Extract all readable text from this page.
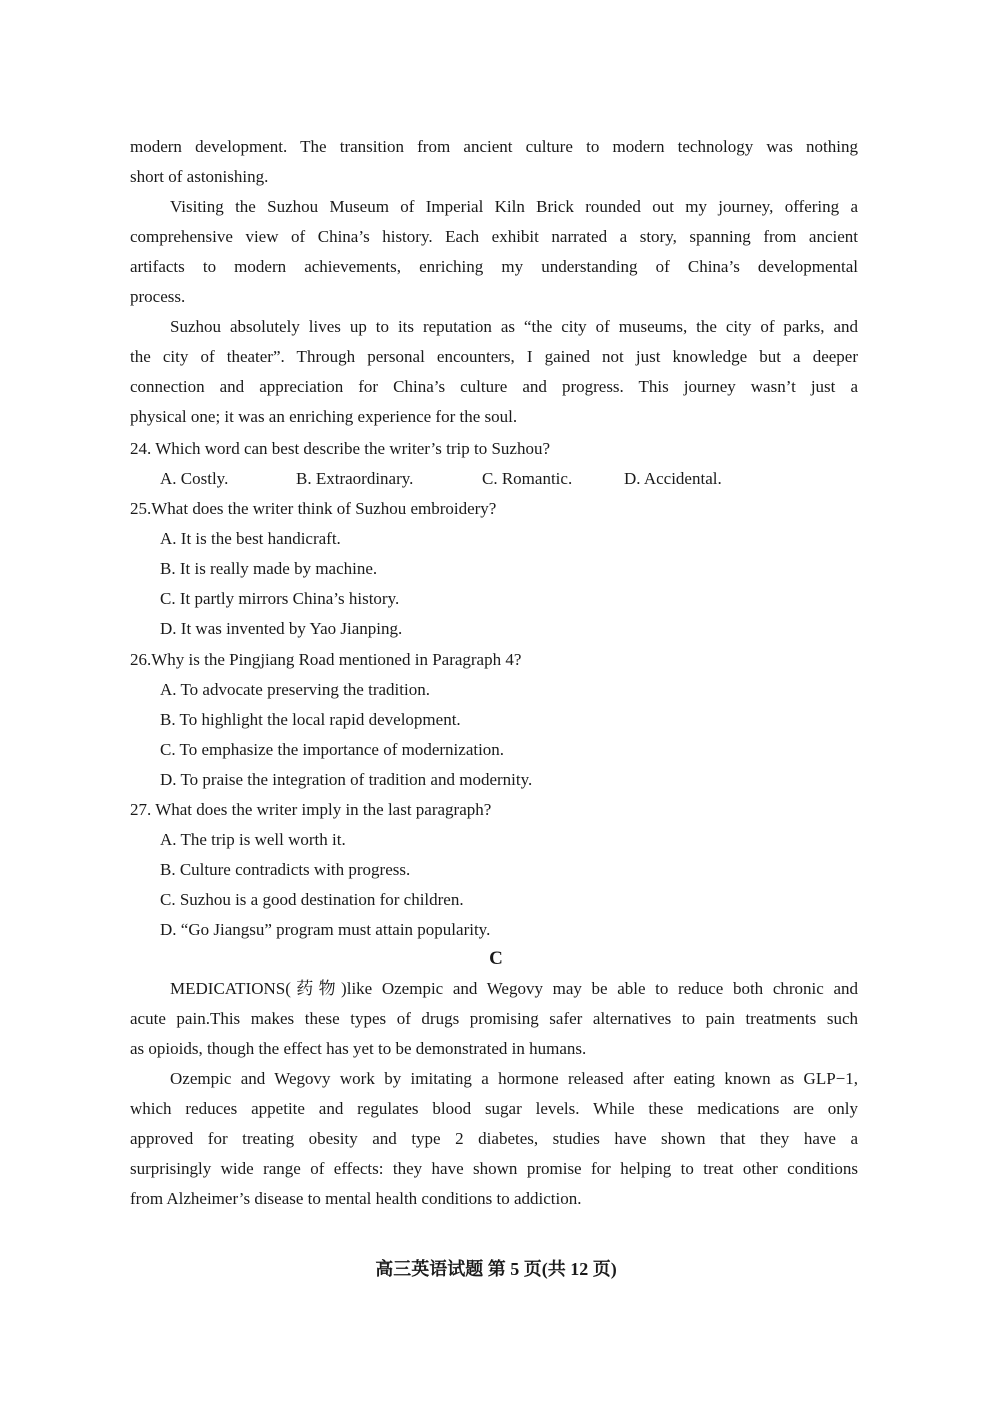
modern development. The transition from ancient culture to modern technology was nothing
short of astonishing.
Visiting the Suzhou Museum of Imperial Kiln Brick rounded out my journey, offering a
comprehensive view of China’s history. Each exhibit narrated a story, spanning from ancient
artifacts to modern achievements, enriching my understanding of China’s developmental
process.
Suzhou absolutely lives up to its reputation as “the city of museums, the city of parks, and
the city of theater”. Through personal encounters, I gained not just knowledge but a deeper
connection and appreciation for China’s culture and progress. This journey wasn’t just a
physical one; it was an enriching experience for the soul.
24. Which word can best describe the writer’s trip to Suzhou?
A. Costly.	B. Extraordinary.	C. Romantic.	D. Accidental.
25.What does the writer think of Suzhou embroidery?
A. It is the best handicraft.
B. It is really made by machine.
C. It partly mirrors China’s history.
D. It was invented by Yao Jianping.
26.Why is the Pingjiang Road mentioned in Paragraph 4?
A. To advocate preserving the tradition.
B. To highlight the local rapid development.
C. To emphasize the importance of modernization.
D. To praise the integration of tradition and modernity.
27. What does the writer imply in the last paragraph?
A. The trip is well worth it.
B. Culture contradicts with progress.
C. Suzhou is a good destination for children.
D. “Go Jiangsu” program must attain popularity.
C
MEDICATIONS(药物)like Ozempic and Wegovy may be able to reduce both chronic and
acute pain.This makes these types of drugs promising safer alternatives to pain treatments such
as opioids, though the effect has yet to be demonstrated in humans.
Ozempic and Wegovy work by imitating a hormone released after eating known as GLP−1,
which reduces appetite and regulates blood sugar levels. While these medications are only
approved for treating obesity and type 2 diabetes, studies have shown that they have a
surprisingly wide range of effects: they have shown promise for helping to treat other conditions
from Alzheimer’s disease to mental health conditions to addiction.
高三英语试题 第 5 页(共 12 页)
